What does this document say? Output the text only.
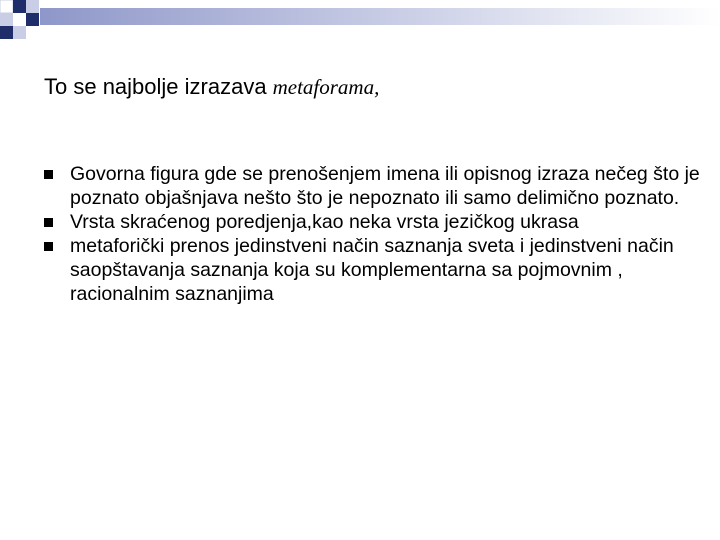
To se najbolje izrazava metaforama,
Govorna figura gde se prenošenjem imena ili opisnog izraza nečeg što je poznato objašnjava nešto što je nepoznato ili samo delimično poznato.
Vrsta skraćenog poredjenja,kao neka vrsta jezičkog ukrasa
metaforički prenos jedinstveni način saznanja sveta i jedinstveni način saopštavanja saznanja koja su komplementarna sa pojmovnim , racionalnim saznanjima
